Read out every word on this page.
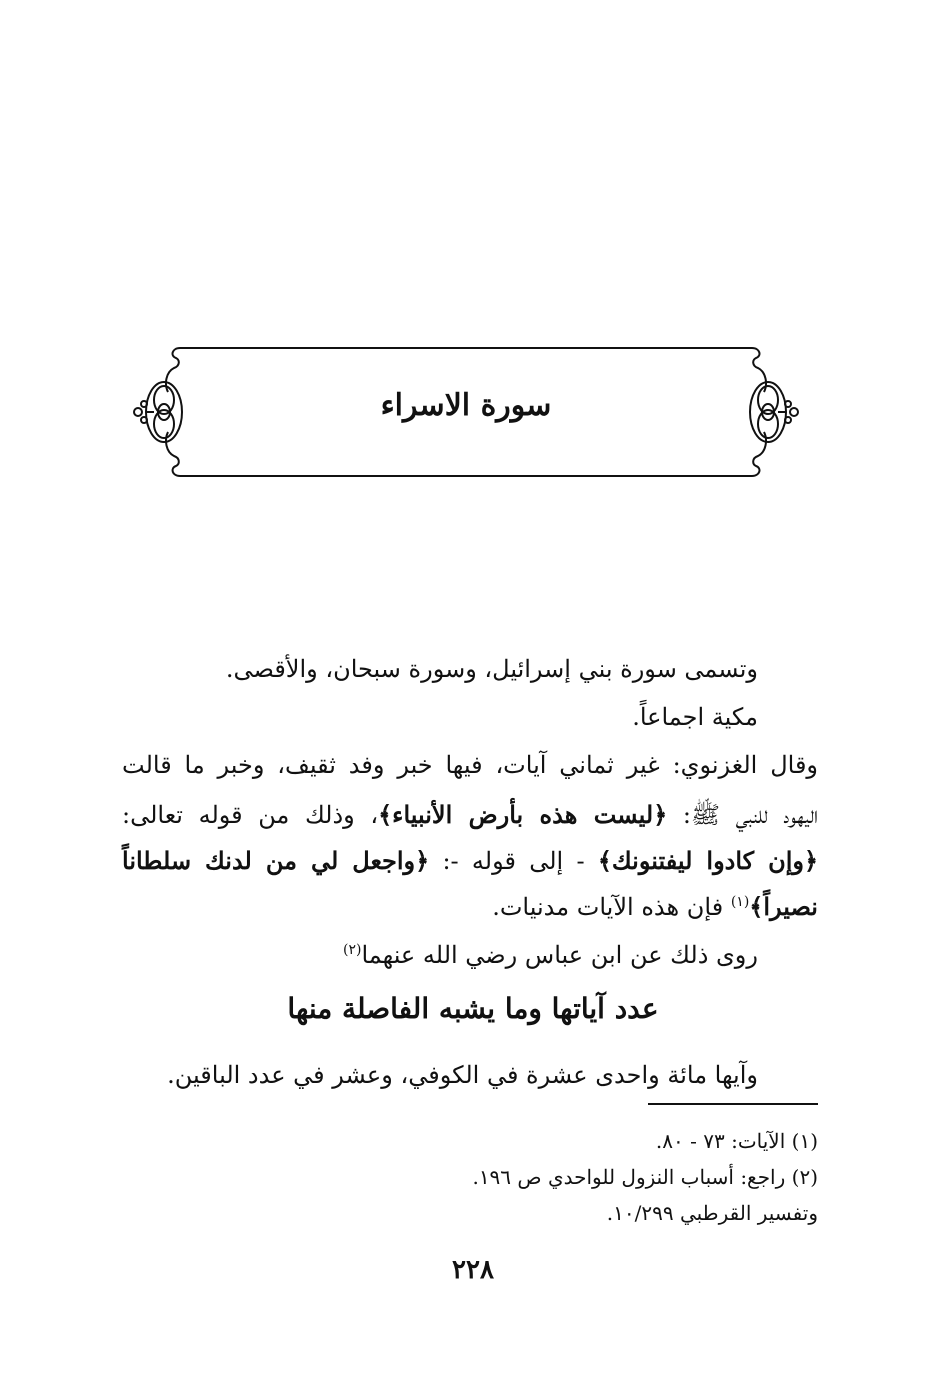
سورة الاسراء
وتسمى سورة بني إسرائيل، وسورة سبحان، والأقصى.
مكية اجماعاً.
وقال الغزنوي: غير ثماني آيات، فيها خبر وفد ثقيف، وخبر ما قالت
اليهود للنبي ﷺ: ﴿ليست هذه بأرض الأنبياء﴾، وذلك من قوله تعالى:
﴿وإن كادوا ليفتنونك﴾ - إلى قوله -: ﴿واجعل لي من لدنك سلطاناً
نصيراً﴾$^{(١)}$ فإن هذه الآيات مدنيات.
روى ذلك عن ابن عباس رضي الله عنهما$^{(٢)}$
عدد آياتها وما يشبه الفاصلة منها
وآيها مائة واحدى عشرة في الكوفي، وعشر في عدد الباقين.
(١) الآيات: ٧٣ - ٨٠.
(٢) راجع: أسباب النزول للواحدي ص ١٩٦.
وتفسير القرطبي ١٠/٢٩٩.
٢٢٨
